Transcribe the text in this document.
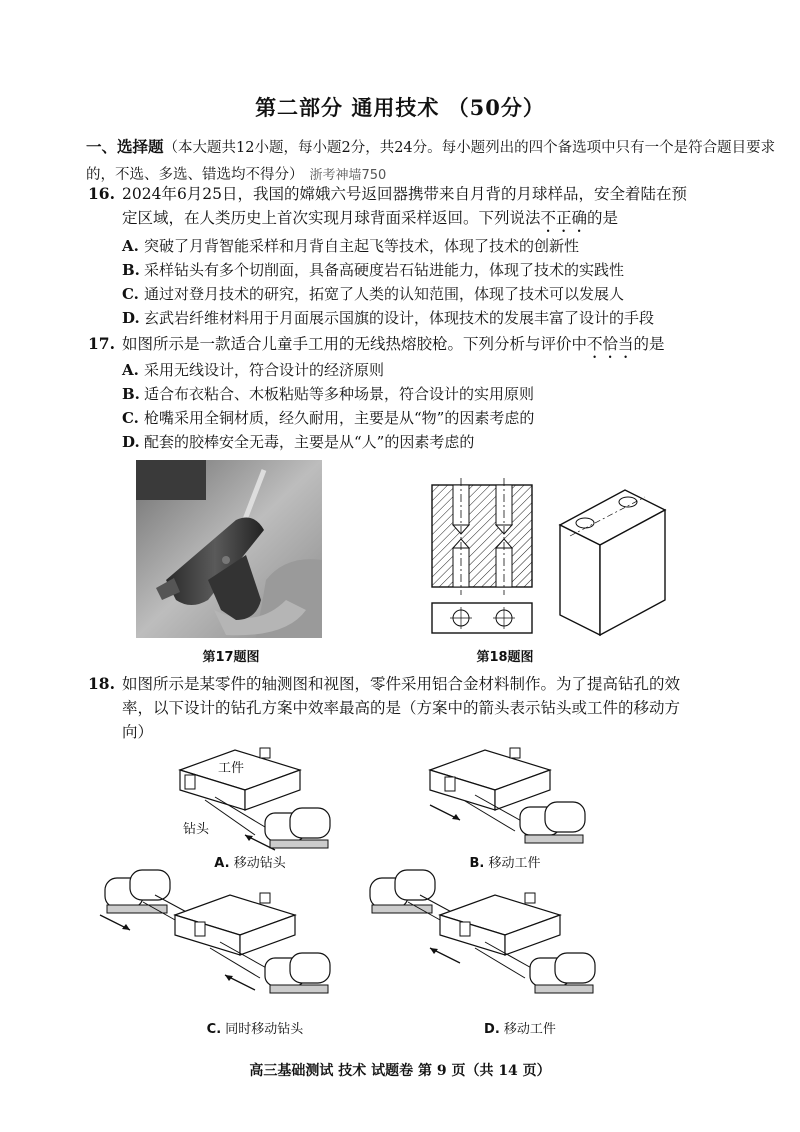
第二部分 通用技术 （50分）
一、选择题（本大题共12小题，每小题2分，共24分。每小题列出的四个备选项中只有一个是符合题目要求的，不选、多选、错选均不得分） 浙考神墙750
16. 2024年6月25日，我国的嫦娥六号返回器携带来自月背的月球样品，安全着陆在预
定区域，在人类历史上首次实现月球背面采样返回。下列说法不正确的是
A. 突破了月背智能采样和月背自主起飞等技术，体现了技术的创新性
B. 采样钻头有多个切削面，具备高硬度岩石钻进能力，体现了技术的实践性
C. 通过对登月技术的研究，拓宽了人类的认知范围，体现了技术可以发展人
D. 玄武岩纤维材料用于月面展示国旗的设计，体现技术的发展丰富了设计的手段
17. 如图所示是一款适合儿童手工用的无线热熔胶枪。下列分析与评价中不恰当的是
A. 采用无线设计，符合设计的经济原则
B. 适合布衣粘合、木板粘贴等多种场景，符合设计的实用原则
C. 枪嘴采用全铜材质，经久耐用，主要是从“物”的因素考虑的
D. 配套的胶棒安全无毒，主要是从“人”的因素考虑的
第17题图	第18题图
18. 如图所示是某零件的轴测图和视图，零件采用铝合金材料制作。为了提高钻孔的效
率，以下设计的钻孔方案中效率最高的是（方案中的箭头表示钻头或工件的移动方
向）
工件
钻头
A. 移动钻头	B. 移动工件
C. 同时移动钻头	D. 移动工件
高三基础测试 技术 试题卷 第 9 页（共 14 页）
